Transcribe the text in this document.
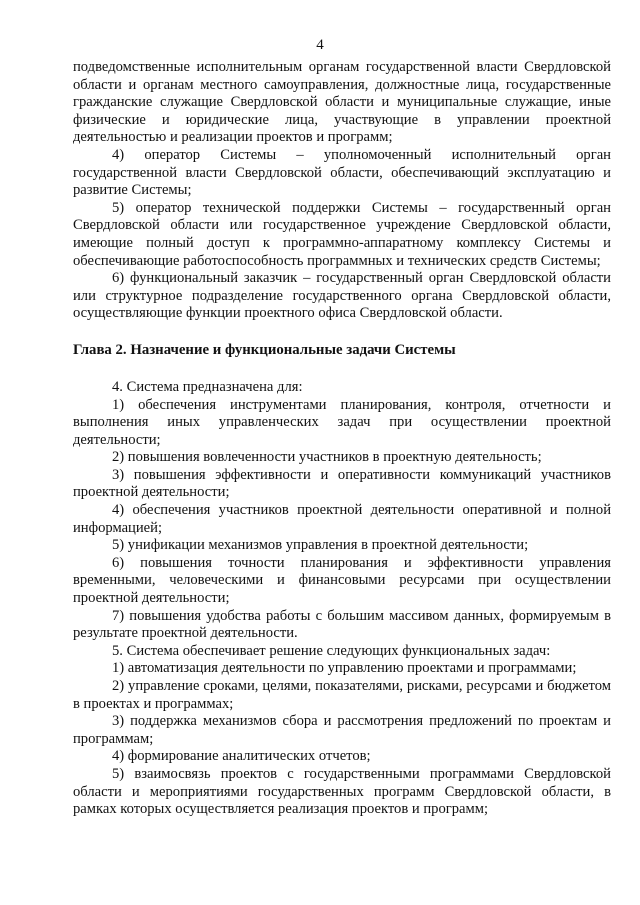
4

подведомственные исполнительным органам государственной власти Свердловской области и органам местного самоуправления, должностные лица, государственные гражданские служащие Свердловской области и муниципальные служащие, иные физические и юридические лица, участвующие в управлении проектной деятельностью и реализации проектов и программ;

4) оператор Системы – уполномоченный исполнительный орган государственной власти Свердловской области, обеспечивающий эксплуатацию и развитие Системы;

5) оператор технической поддержки Системы – государственный орган Свердловской области или государственное учреждение Свердловской области, имеющие полный доступ к программно-аппаратному комплексу Системы и обеспечивающие работоспособность программных и технических средств Системы;

6) функциональный заказчик – государственный орган Свердловской области или структурное подразделение государственного органа Свердловской области, осуществляющие функции проектного офиса Свердловской области.

Глава 2. Назначение и функциональные задачи Системы

4. Система предназначена для:

1) обеспечения инструментами планирования, контроля, отчетности и выполнения иных управленческих задач при осуществлении проектной деятельности;

2) повышения вовлеченности участников в проектную деятельность;

3) повышения эффективности и оперативности коммуникаций участников проектной деятельности;

4) обеспечения участников проектной деятельности оперативной и полной информацией;

5) унификации механизмов управления в проектной деятельности;

6) повышения точности планирования и эффективности управления временными, человеческими и финансовыми ресурсами при осуществлении проектной деятельности;

7) повышения удобства работы с большим массивом данных, формируемым в результате проектной деятельности.

5. Система обеспечивает решение следующих функциональных задач:

1) автоматизация деятельности по управлению проектами и программами;

2) управление сроками, целями, показателями, рисками, ресурсами и бюджетом в проектах и программах;

3) поддержка механизмов сбора и рассмотрения предложений по проектам и программам;

4) формирование аналитических отчетов;

5) взаимосвязь проектов с государственными программами Свердловской области и мероприятиями государственных программ Свердловской области, в рамках которых осуществляется реализация проектов и программ;
